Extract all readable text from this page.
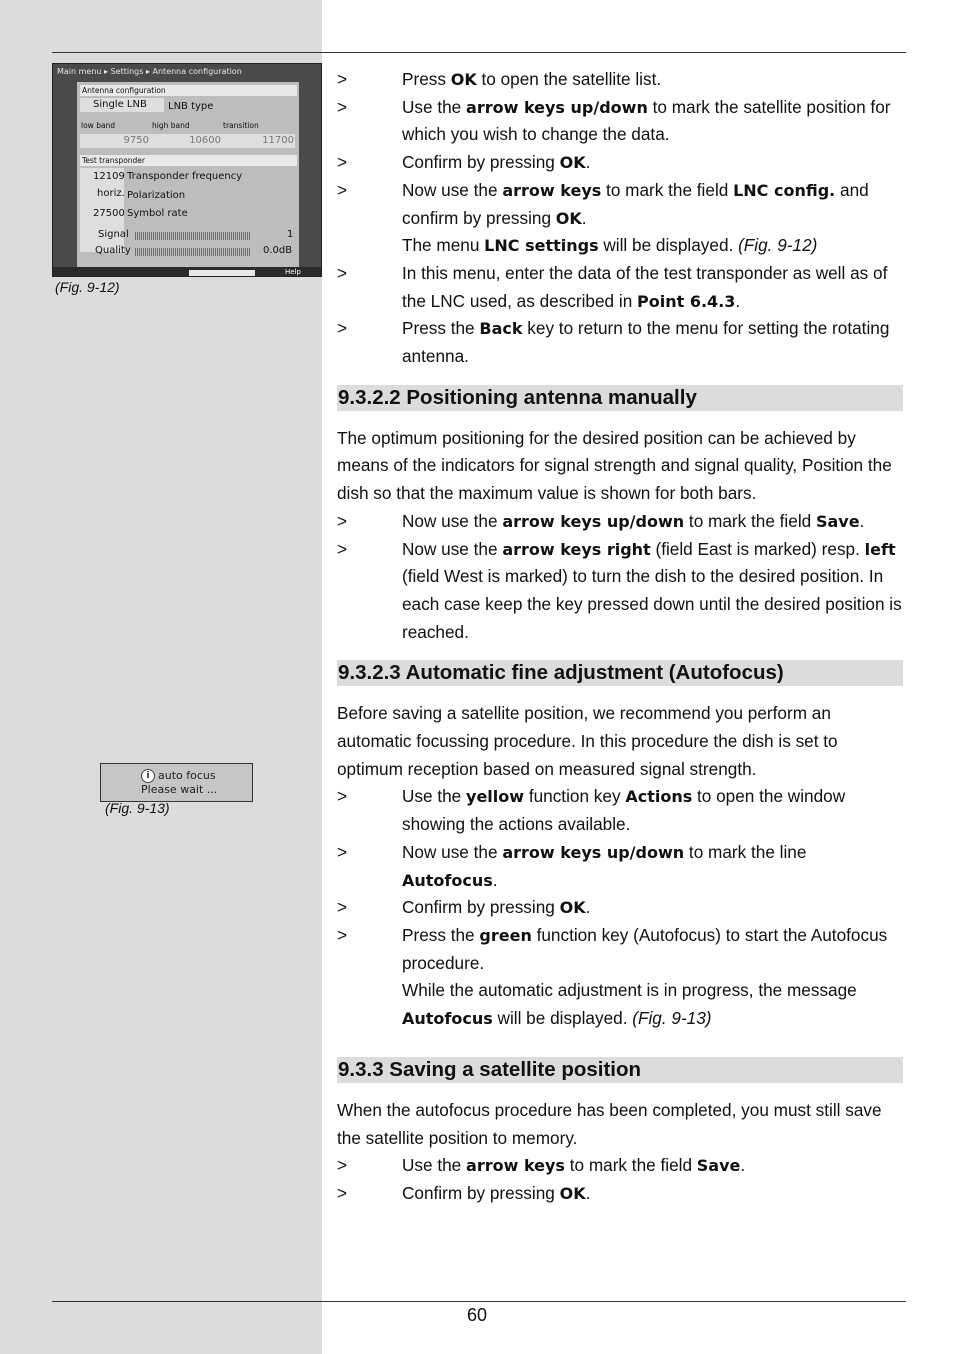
Main menu ▸ Settings ▸ Antenna configuration
Antenna configuration
Single LNB LNB type
low band	high band	transition
9750	10600	11700
Test transponder
12109 Transponder frequency
horiz. Polarization
27500 Symbol rate
Signal	1
Quality	0.0dB
Help
(Fig. 9-12)
i auto focus
Please wait ...
(Fig. 9-13)
>	Press OK to open the satellite list.
>	Use the arrow keys up/down to mark the satellite position for which you wish to change the data.
>	Confirm by pressing OK.
>	Now use the arrow keys to mark the field LNC config. and confirm by pressing OK.
The menu LNC settings will be displayed. (Fig. 9-12)
>	In this menu, enter the data of the test transponder as well as of the LNC used, as described in Point 6.4.3.
>	Press the Back key to return to the menu for setting the rotating antenna.
9.3.2.2 Positioning antenna manually
The optimum positioning for the desired position can be achieved by means of the indicators for signal strength and signal quality, Position the dish so that the maximum value is shown for both bars.
>	Now use the arrow keys up/down to mark the field Save.
>	Now use the arrow keys right (field East is marked) resp. left (field West is marked) to turn the dish to the desired position. In each case keep the key pressed down until the desired position is reached.
9.3.2.3 Automatic fine adjustment (Autofocus)
Before saving a satellite position, we recommend you perform an automatic focussing procedure. In this procedure the dish is set to optimum reception based on measured signal strength.
>	Use the yellow function key Actions to open the window showing the actions available.
>	Now use the arrow keys up/down to mark the line Autofocus.
>	Confirm by pressing OK.
>	Press the green function key (Autofocus) to start the Autofocus procedure.
While the automatic adjustment is in progress, the message Autofocus will be displayed. (Fig. 9-13)
9.3.3 Saving a satellite position
When the autofocus procedure has been completed, you must still save the satellite position to memory.
>	Use the arrow keys to mark the field Save.
>	Confirm by pressing OK.
60
